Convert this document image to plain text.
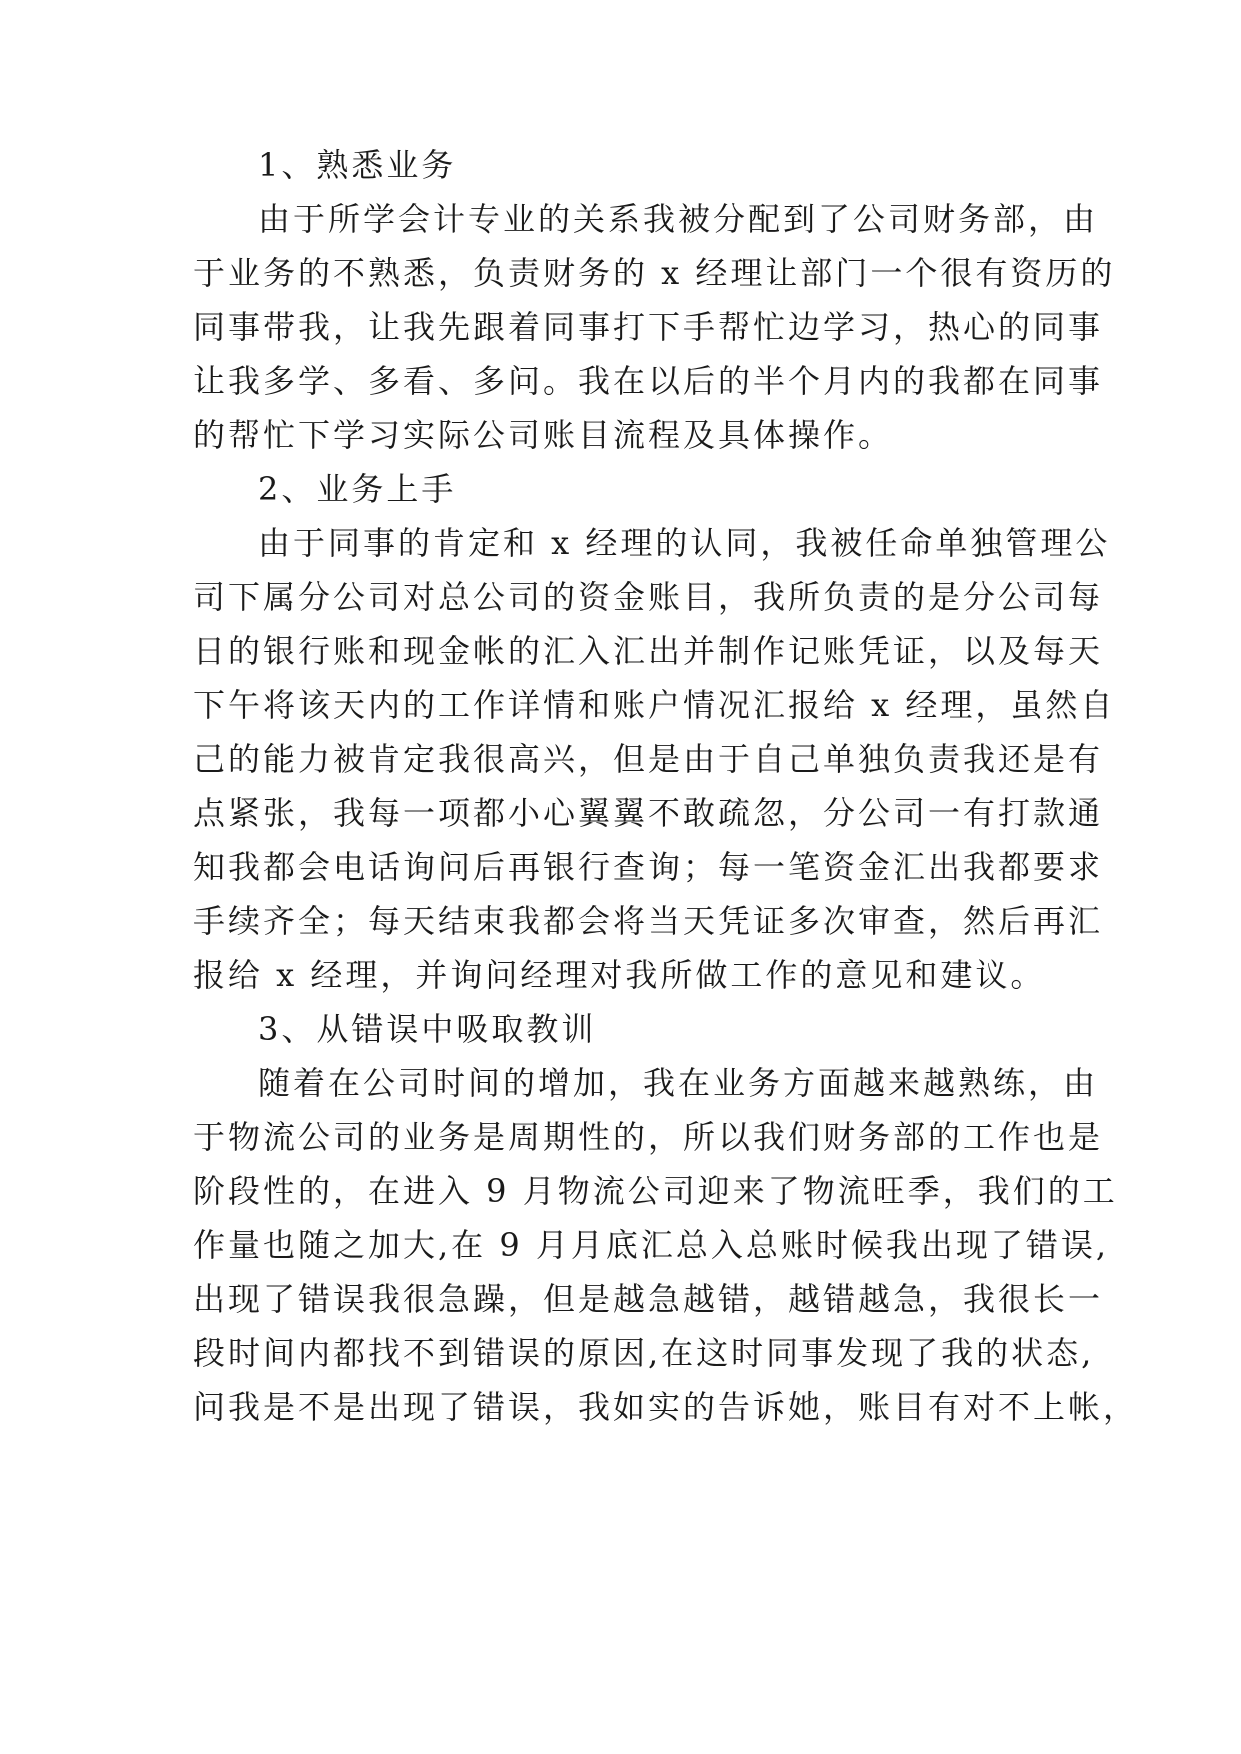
1、熟悉业务
由于所学会计专业的关系我被分配到了公司财务部，由
于业务的不熟悉，负责财务的 x 经理让部门一个很有资历的
同事带我，让我先跟着同事打下手帮忙边学习，热心的同事
让我多学、多看、多问。我在以后的半个月内的我都在同事
的帮忙下学习实际公司账目流程及具体操作。
2、业务上手
由于同事的肯定和 x 经理的认同，我被任命单独管理公
司下属分公司对总公司的资金账目，我所负责的是分公司每
日的银行账和现金帐的汇入汇出并制作记账凭证，以及每天
下午将该天内的工作详情和账户情况汇报给 x 经理，虽然自
己的能力被肯定我很高兴，但是由于自己单独负责我还是有
点紧张，我每一项都小心翼翼不敢疏忽，分公司一有打款通
知我都会电话询问后再银行查询；每一笔资金汇出我都要求
手续齐全；每天结束我都会将当天凭证多次审查，然后再汇
报给 x 经理，并询问经理对我所做工作的意见和建议。
3、从错误中吸取教训
随着在公司时间的增加，我在业务方面越来越熟练，由
于物流公司的业务是周期性的，所以我们财务部的工作也是
阶段性的，在进入 9 月物流公司迎来了物流旺季，我们的工
作量也随之加大,在 9 月月底汇总入总账时候我出现了错误,
出现了错误我很急躁，但是越急越错，越错越急，我很长一
段时间内都找不到错误的原因,在这时同事发现了我的状态,
问我是不是出现了错误，我如实的告诉她，账目有对不上帐，
